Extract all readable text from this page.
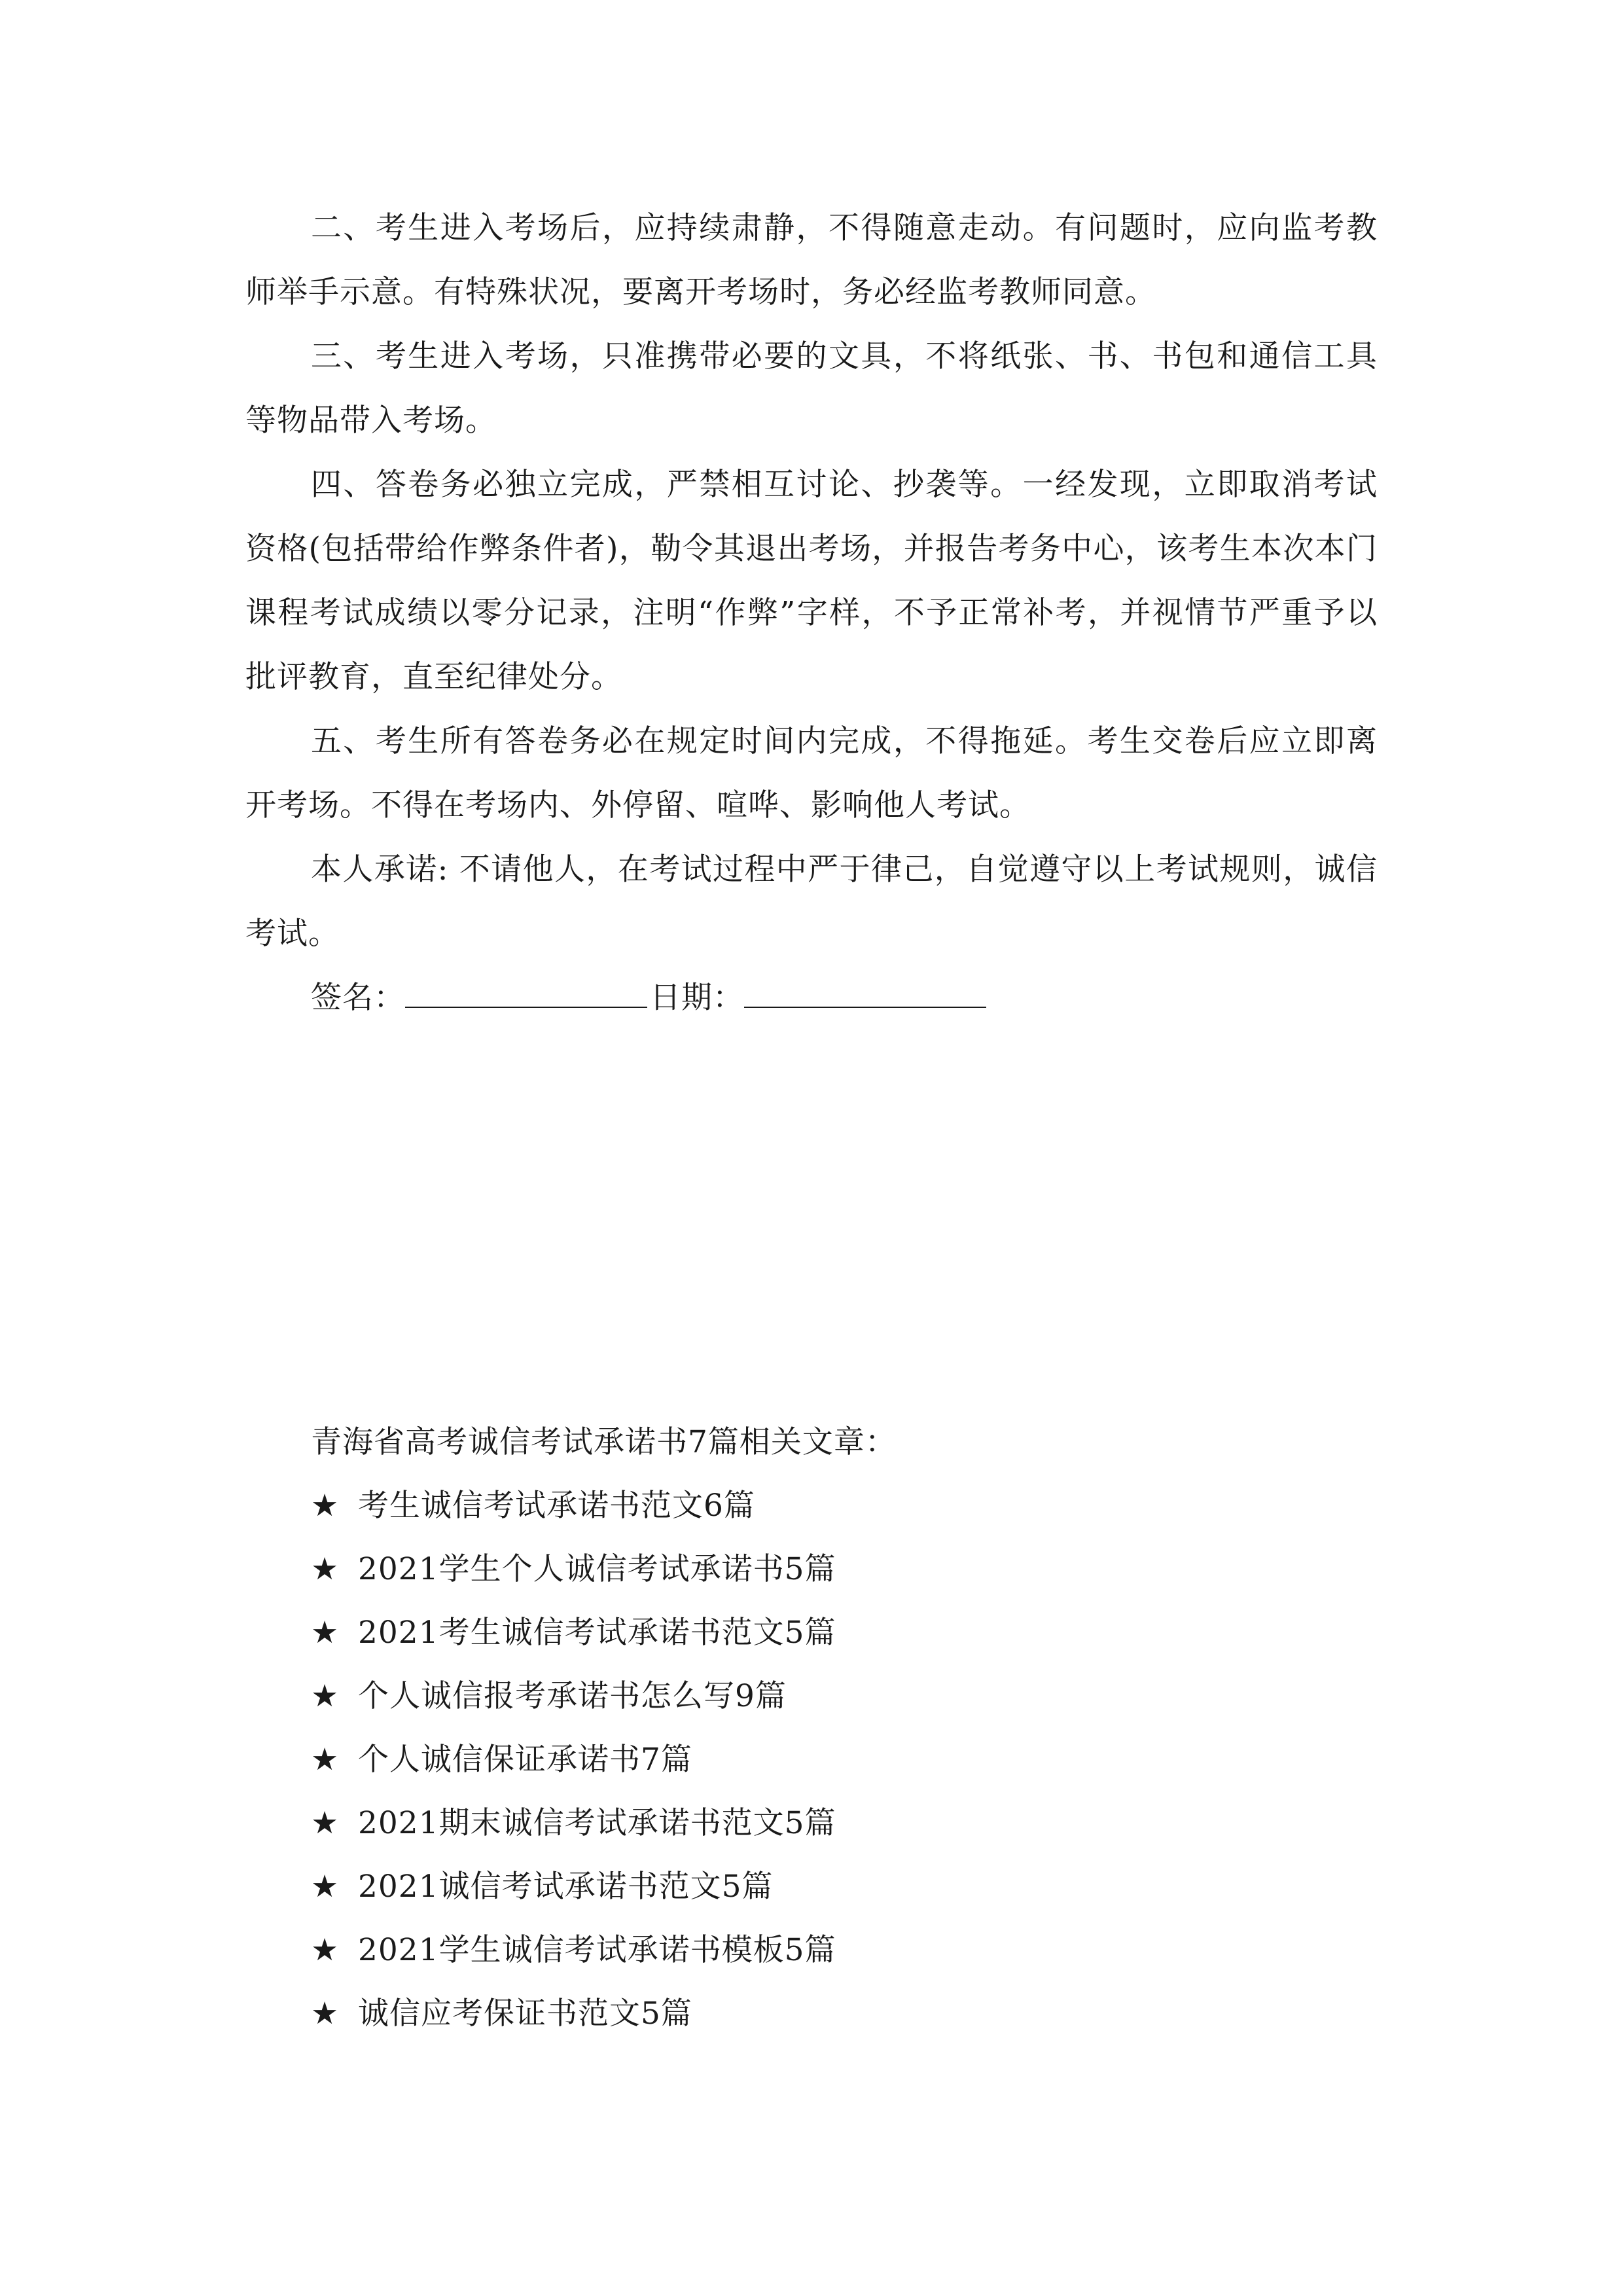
二、考生进入考场后，应持续肃静，不得随意走动。有问题时，应向监考教师举手示意。有特殊状况，要离开考场时，务必经监考教师同意。

三、考生进入考场，只准携带必要的文具，不将纸张、书、书包和通信工具等物品带入考场。

四、答卷务必独立完成，严禁相互讨论、抄袭等。一经发现，立即取消考试资格(包括带给作弊条件者)，勒令其退出考场，并报告考务中心，该考生本次本门课程考试成绩以零分记录，注明“作弊”字样，不予正常补考，并视情节严重予以批评教育，直至纪律处分。

五、考生所有答卷务必在规定时间内完成，不得拖延。考生交卷后应立即离开考场。不得在考场内、外停留、喧哗、影响他人考试。

本人承诺: 不请他人，在考试过程中严于律己，自觉遵守以上考试规则，诚信考试。

签名：	日期：

青海省高考诚信考试承诺书7篇相关文章：

★ 考生诚信考试承诺书范文6篇
★ 2021学生个人诚信考试承诺书5篇
★ 2021考生诚信考试承诺书范文5篇
★ 个人诚信报考承诺书怎么写9篇
★ 个人诚信保证承诺书7篇
★ 2021期末诚信考试承诺书范文5篇
★ 2021诚信考试承诺书范文5篇
★ 2021学生诚信考试承诺书模板5篇
★ 诚信应考保证书范文5篇
